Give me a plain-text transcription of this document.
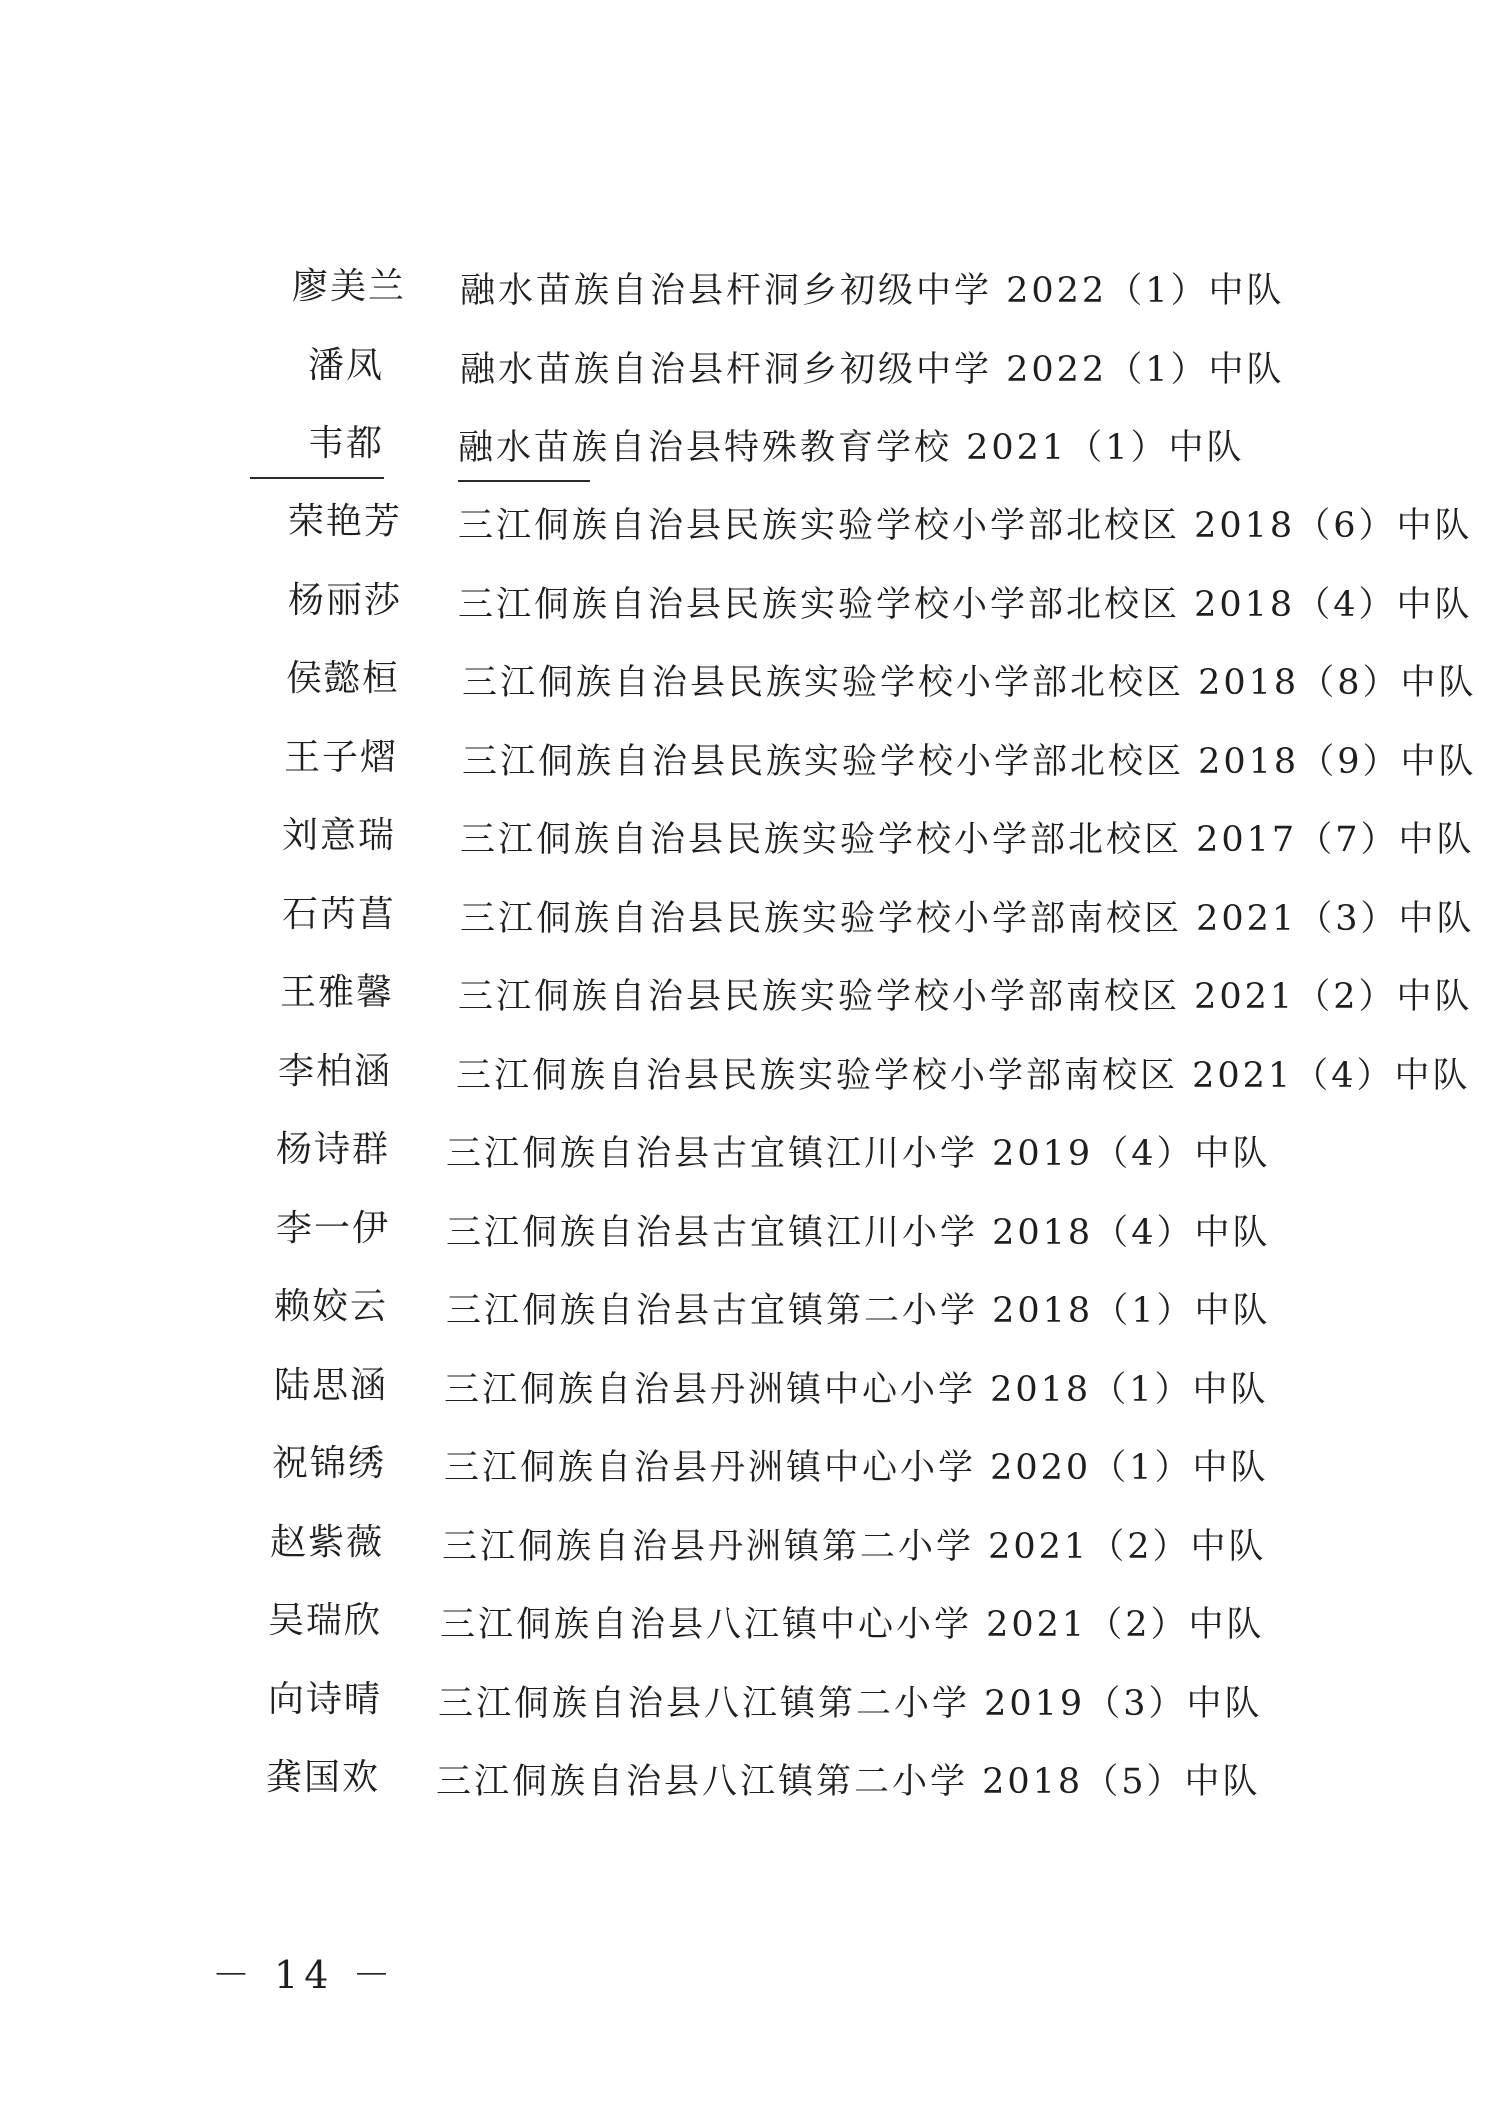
廖美兰	融水苗族自治县杆洞乡初级中学 2022（1）中队
潘凤	融水苗族自治县杆洞乡初级中学 2022（1）中队
韦都	融水苗族自治县特殊教育学校 2021（1）中队
荣艳芳	三江侗族自治县民族实验学校小学部北校区 2018（6）中队
杨丽莎	三江侗族自治县民族实验学校小学部北校区 2018（4）中队
侯懿桓	三江侗族自治县民族实验学校小学部北校区 2018（8）中队
王子熠	三江侗族自治县民族实验学校小学部北校区 2018（9）中队
刘意瑞	三江侗族自治县民族实验学校小学部北校区 2017（7）中队
石芮菖	三江侗族自治县民族实验学校小学部南校区 2021（3）中队
王雅馨	三江侗族自治县民族实验学校小学部南校区 2021（2）中队
李柏涵	三江侗族自治县民族实验学校小学部南校区 2021（4）中队
杨诗群	三江侗族自治县古宜镇江川小学 2019（4）中队
李一伊	三江侗族自治县古宜镇江川小学 2018（4）中队
赖姣云	三江侗族自治县古宜镇第二小学 2018（1）中队
陆思涵	三江侗族自治县丹洲镇中心小学 2018（1）中队
祝锦绣	三江侗族自治县丹洲镇中心小学 2020（1）中队
赵紫薇	三江侗族自治县丹洲镇第二小学 2021（2）中队
吴瑞欣	三江侗族自治县八江镇中心小学 2021（2）中队
向诗晴	三江侗族自治县八江镇第二小学 2019（3）中队
龚国欢	三江侗族自治县八江镇第二小学 2018（5）中队
－ 14 －
